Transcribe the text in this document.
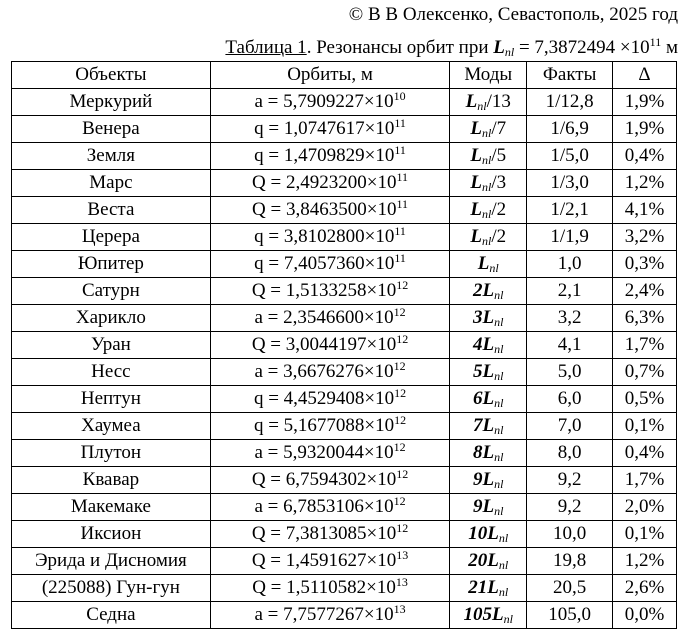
© В В Олексенко, Севастополь, 2025 год
Таблица 1. Резонансы орбит при $L_{nl} = 7,3872494 \times 10^{11}$ м
Объекты	Орбиты, м	Моды	Факты	Δ
Меркурий	$a = 5,7909227\times 10^{10}$	$L_{nl}/13$	1/12,8	1,9%
Венера	$q = 1,0747617\times 10^{11}$	$L_{nl}/7$	1/6,9	1,9%
Земля	$q = 1,4709829\times 10^{11}$	$L_{nl}/5$	1/5,0	0,4%
Марс	$Q = 2,4923200\times 10^{11}$	$L_{nl}/3$	1/3,0	1,2%
Веста	$Q = 3,8463500\times 10^{11}$	$L_{nl}/2$	1/2,1	4,1%
Церера	$q = 3,8102800\times 10^{11}$	$L_{nl}/2$	1/1,9	3,2%
Юпитер	$q = 7,4057360\times 10^{11}$	$L_{nl}$	1,0	0,3%
Сатурн	$Q = 1,5133258\times 10^{12}$	$2L_{nl}$	2,1	2,4%
Харикло	$a = 2,3546600\times 10^{12}$	$3L_{nl}$	3,2	6,3%
Уран	$Q = 3,0044197\times 10^{12}$	$4L_{nl}$	4,1	1,7%
Несс	$a = 3,6676276\times 10^{12}$	$5L_{nl}$	5,0	0,7%
Нептун	$q = 4,4529408\times 10^{12}$	$6L_{nl}$	6,0	0,5%
Хаумеа	$q = 5,1677088\times 10^{12}$	$7L_{nl}$	7,0	0,1%
Плутон	$a = 5,9320044\times 10^{12}$	$8L_{nl}$	8,0	0,4%
Квавар	$Q = 6,7594302\times 10^{12}$	$9L_{nl}$	9,2	1,7%
Макемаке	$a = 6,7853106\times 10^{12}$	$9L_{nl}$	9,2	2,0%
Иксион	$Q = 7,3813085\times 10^{12}$	$10L_{nl}$	10,0	0,1%
Эрида и Дисномия	$Q = 1,4591627\times 10^{13}$	$20L_{nl}$	19,8	1,2%
(225088) Гун-гун	$Q = 1,5110582\times 10^{13}$	$21L_{nl}$	20,5	2,6%
Седна	$a = 7,7577267\times 10^{13}$	$105L_{nl}$	105,0	0,0%
